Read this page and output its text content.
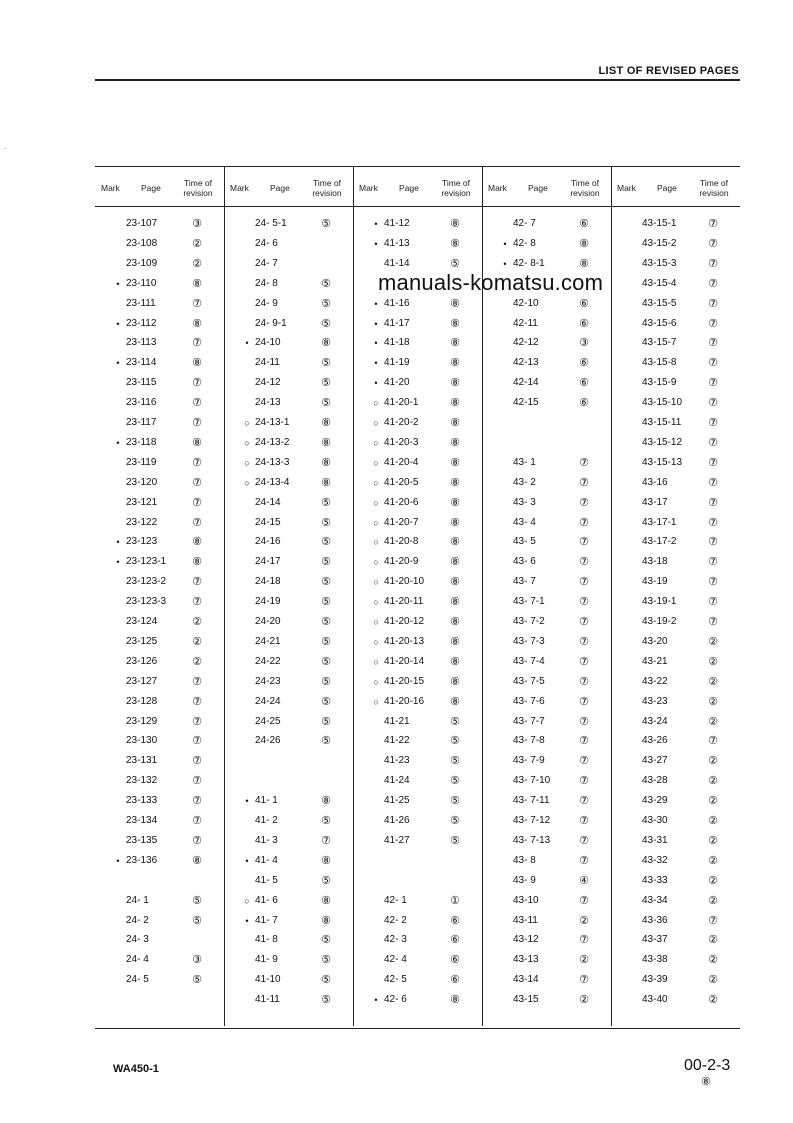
LIST OF REVISED PAGES
.
Mark Page	Time of
revision
23-107	③
23-108	②
23-109	②
• 23-110	⑧
23-111	⑦
• 23-112	⑧
23-113	⑦
• 23-114	⑧
23-115	⑦
23-116	⑦
23-117	⑦
• 23-118	⑧
23-119	⑦
23-120	⑦
23-121	⑦
23-122	⑦
• 23-123	⑧
• 23-123-1 ⑧
23-123-2 ⑦
23-123-3 ⑦
23-124	②
23-125	②
23-126	②
23-127	⑦
23-128	⑦
23-129	⑦
23-130	⑦
23-131	⑦
23-132	⑦
23-133	⑦
23-134	⑦
23-135	⑦
• 23-136	⑧
24- 1	⑤
24- 2	⑤
24- 3
24- 4	③
24- 5	⑤
Mark Page	Time of
revision
24- 5-1	⑤
24- 6
24- 7
24- 8	⑤
24- 9	⑤
24- 9-1	⑤
• 24-10	⑧
24-11	⑤
24-12	⑤
24-13	⑤
○ 24-13-1	⑧
○ 24-13-2	⑧
○ 24-13-3	⑧
○ 24-13-4	⑧
24-14	⑤
24-15	⑤
24-16	⑤
24-17	⑤
24-18	⑤
24-19	⑤
24-20	⑤
24-21	⑤
24-22	⑤
24-23	⑤
24-24	⑤
24-25	⑤
24-26	⑤
• 41- 1	⑧
41- 2	⑤
41- 3	⑦
• 41- 4	⑧
41- 5	⑤
○ 41- 6	⑧
• 41- 7	⑧
41- 8	⑤
41- 9	⑤
41-10	⑤
41-11	⑤
Mark Page	Time of
revision
• 41-12	⑧
• 41-13	⑧
41-14	⑤
• 41-16	⑧
• 41-17	⑧
• 41-18	⑧
• 41-19	⑧
• 41-20	⑧
○ 41-20-1	⑧
○ 41-20-2	⑧
○ 41-20-3	⑧
○ 41-20-4	⑧
○ 41-20-5	⑧
○ 41-20-6	⑧
○ 41-20-7	⑧
○ 41-20-8	⑧
○ 41-20-9	⑧
○ 41-20-10 ⑧
○ 41-20-11 ⑧
○ 41-20-12 ⑧
○ 41-20-13 ⑧
○ 41-20-14 ⑧
○ 41-20-15 ⑧
○ 41-20-16 ⑧
41-21	⑤
41-22	⑤
41-23	⑤
41-24	⑤
41-25	⑤
41-26	⑤
41-27	⑤
42- 1	①
42- 2	⑥
42- 3	⑥
42- 4	⑥
42- 5	⑥
• 42- 6	⑧
Mark Page	Time of
revision
42- 7	⑥
• 42- 8	⑧
• 42- 8-1	⑧
42-10	⑥
42-11	⑥
42-12	③
42-13	⑥
42-14	⑥
42-15	⑥
43- 1	⑦
43- 2	⑦
43- 3	⑦
43- 4	⑦
43- 5	⑦
43- 6	⑦
43- 7	⑦
43- 7-1	⑦
43- 7-2	⑦
43- 7-3	⑦
43- 7-4	⑦
43- 7-5	⑦
43- 7-6	⑦
43- 7-7	⑦
43- 7-8	⑦
43- 7-9	⑦
43- 7-10	⑦
43- 7-11	⑦
43- 7-12	⑦
43- 7-13	⑦
43- 8	⑦
43- 9	④
43-10	⑦
43-11	②
43-12	⑦
43-13	②
43-14	⑦
43-15	②
Mark Page	Time of
revision
43-15-1	⑦
43-15-2	⑦
43-15-3	⑦
43-15-4	⑦
43-15-5	⑦
43-15-6	⑦
43-15-7	⑦
43-15-8	⑦
43-15-9	⑦
43-15-10 ⑦
43-15-11 ⑦
43-15-12 ⑦
43-15-13 ⑦
43-16	⑦
43-17	⑦
43-17-1	⑦
43-17-2	⑦
43-18	⑦
43-19	⑦
43-19-1	⑦
43-19-2	⑦
43-20	②
43-21	②
43-22	②
43-23	②
43-24	②
43-26	⑦
43-27	②
43-28	②
43-29	②
43-30	②
43-31	②
43-32	②
43-33	②
43-34	②
43-36	⑦
43-37	②
43-38	②
43-39	②
43-40	②
manuals-komatsu.com
WA450-1	00-2-3
⑧
